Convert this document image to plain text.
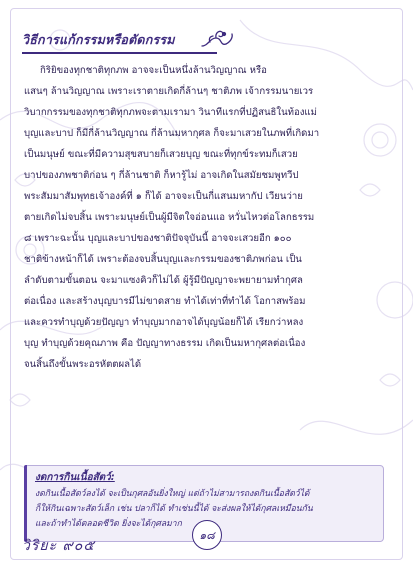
วิธีการแก้กรรมหรือตัดกรรม
กิริยิของทุกชาติทุกภพ อาจจะเป็นหนึ่งล้านวิญญาณ หรือ
แสนๆ ล้านวิญญาณ เพราะเราตายเกิดกี่ล้านๆ ชาติภพ เจ้ากรรมนายเวร
วิบากกรรมของทุกชาติทุกภพจะตามเรามา วินาทีแรกที่ปฏิสนธิในท้องแม่
บุญและบาป ก็มีกี่ล้านวิญญาณ กี่ล้านมหากุศล ก็จะมาเสวยในภพที่เกิดมา
เป็นมนุษย์ ขณะที่มีความสุขสบายก็เสวยบุญ ขณะที่ทุกข์ระทมก็เสวย
บาปของภพชาติก่อน ๆ กี่ล้านชาติ ก็หารู้ไม่ อาจเกิดในสมัยชมพูทวีป
พระสัมมาสัมพุทธเจ้าองค์ที่ ๑ ก็ได้ อาจจะเป็นกี่แสนมหากัป เวียนว่าย
ตายเกิดไม่จบสิ้น เพราะมนุษย์เป็นผู้มีจิตใจอ่อนแอ หวั่นไหวต่อโลกธรรม
๘ เพราะฉะนั้น บุญและบาปของชาติปัจจุบันนี้ อาจจะเสวยอีก ๑๐๐
ชาติข้างหน้าก็ได้ เพราะต้องจบสิ้นบุญและกรรมของชาติภพก่อน เป็น
ลำดับตามขั้นตอน จะมาแซงคิวก็ไม่ได้ ผู้รู้มีปัญญาจะพยายามทำกุศล
ต่อเนื่อง และสร้างบุญบารมีไม่ขาดสาย ทำได้เท่าที่ทำได้ โอกาสพร้อม
และควรทำบุญด้วยปัญญา ทำบุญมากอาจได้บุญน้อยก็ได้ เรียกว่าหลง
บุญ ทำบุญด้วยคุณภาพ คือ ปัญญาทางธรรม เกิดเป็นมหากุศลต่อเนื่อง
จนสิ้นถึงขั้นพระอรหัตตผลได้
งดการกินเนื้อสัตว์:
งดกินเนื้อสัตว์ลงได้ จะเป็นกุศลอันยิ่งใหญ่ แต่ถ้าไม่สามารถงดกินเนื้อสัตว์ได้
ก็ให้กินเฉพาะสัตว์เล็ก เช่น ปลาก็ได้ ทำเช่นนี้ได้ จะส่งผลให้ได้กุศลเหมือนกัน
และถ้าทำได้ตลอดชีวิต ยิ่งจะได้กุศลมาก
วิริยะ ๙๐๕
๑๘
